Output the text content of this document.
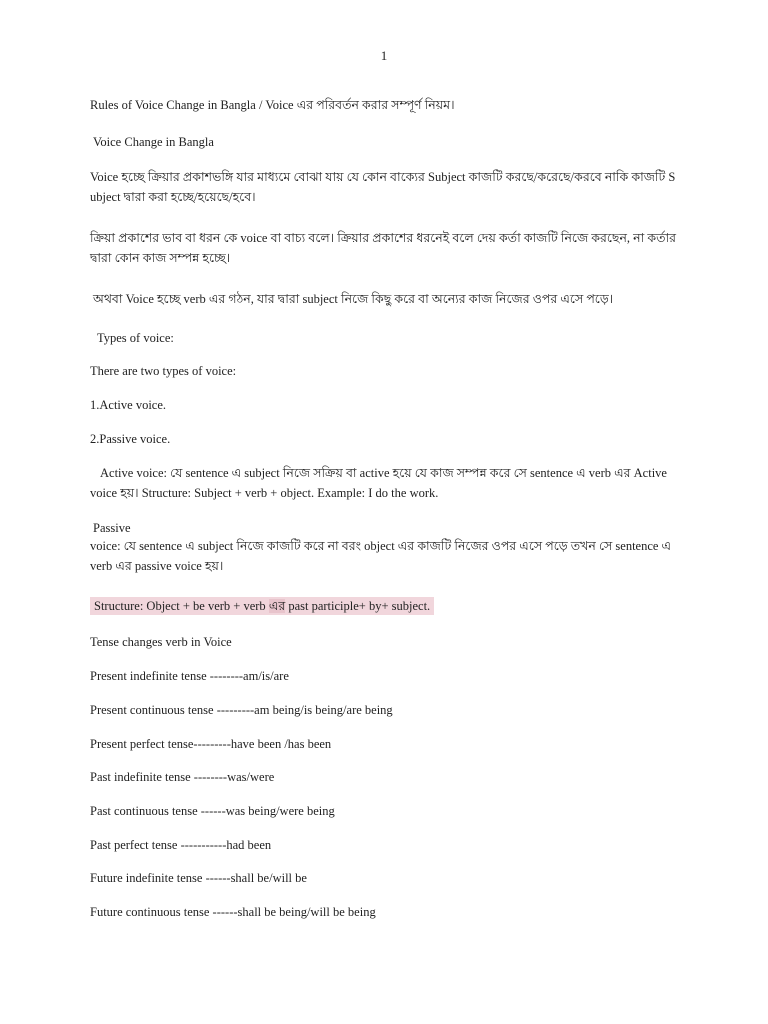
1

Rules of Voice Change in Bangla / Voice এর পরিবর্তন করার সম্পূর্ণ নিয়ম।

Voice Change in Bangla

Voice হচ্ছে ক্রিয়ার প্রকাশভঙ্গি যার মাধ্যমে বোঝা যায় যে কোন বাক্যের Subject কাজটি করছে/করেছে/করবে নাকি কাজটি S ubject দ্বারা করা হচ্ছে/হয়েছে/হবে।

ক্রিয়া প্রকাশের ভাব বা ধরন কে voice বা বাচ্য বলে। ক্রিয়ার প্রকাশের ধরনেই বলে দেয় কর্তা কাজটি নিজে করছেন, না কর্তার দ্বারা কোন কাজ সম্পন্ন হচ্ছে।

অথবা Voice হচ্ছে verb এর গঠন, যার দ্বারা subject নিজে কিছু করে বা অন্যের কাজ নিজের ওপর এসে পড়ে।

Types of voice:

There are two types of voice:

1.Active voice.

2.Passive voice.

Active voice: যে sentence এ subject নিজে সক্রিয় বা active হয়ে যে কাজ সম্পন্ন করে সে sentence এ verb এর Active voice হয়। Structure: Subject + verb + object. Example: I do the work.

Passive

voice: যে sentence এ subject নিজে কাজটি করে না বরং object এর কাজটি নিজের ওপর এসে পড়ে তখন সে sentence এ verb এর passive voice হয়।

Structure: Object + be verb + verb এর past participle+ by+ subject.

Tense changes verb in Voice

Present indefinite tense --------am/is/are

Present continuous tense ---------am being/is being/are being

Present perfect tense---------have been /has been

Past indefinite tense --------was/were

Past continuous tense ------was being/were being

Past perfect tense -----------had been

Future indefinite tense ------shall be/will be

Future continuous tense ------shall be being/will be being
